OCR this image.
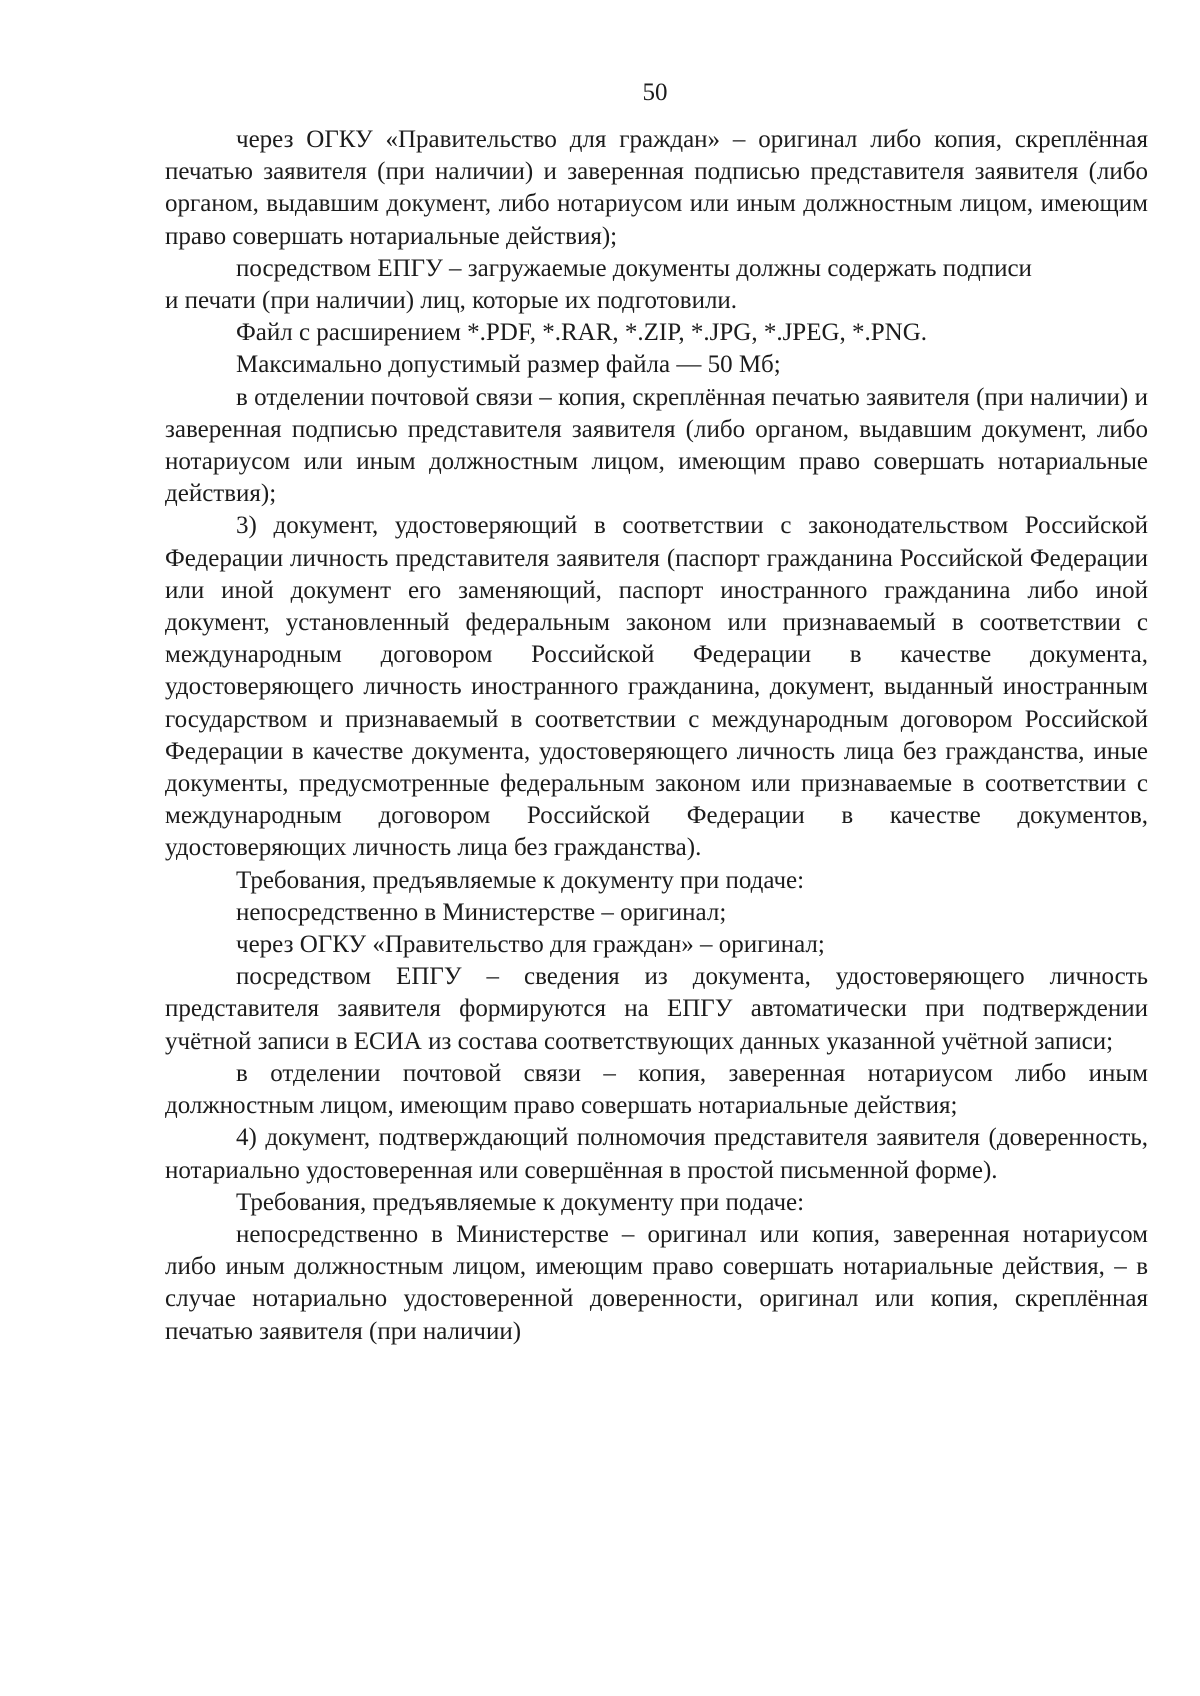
50

через ОГКУ «Правительство для граждан» – оригинал либо копия, скреплённая печатью заявителя (при наличии) и заверенная подписью представителя заявителя (либо органом, выдавшим документ, либо нотариусом или иным должностным лицом, имеющим право совершать нотариальные действия);

посредством ЕПГУ – загружаемые документы должны содержать подписи

и печати (при наличии) лиц, которые их подготовили.

Файл с расширением *.PDF, *.RAR, *.ZIP, *.JPG, *.JPEG, *.PNG.

Максимально допустимый размер файла — 50 Мб;

в отделении почтовой связи – копия, скреплённая печатью заявителя (при наличии) и заверенная подписью представителя заявителя (либо органом, выдавшим документ, либо нотариусом или иным должностным лицом, имеющим право совершать нотариальные действия);

3) документ, удостоверяющий в соответствии с законодательством Российской Федерации личность представителя заявителя (паспорт гражданина Российской Федерации или иной документ его заменяющий, паспорт иностранного гражданина либо иной документ, установленный федеральным законом или признаваемый в соответствии с международным договором Российской Федерации в качестве документа, удостоверяющего личность иностранного гражданина, документ, выданный иностранным государством и признаваемый в соответствии с международным договором Российской Федерации в качестве документа, удостоверяющего личность лица без гражданства, иные документы, предусмотренные федеральным законом или признаваемые в соответствии с международным договором Российской Федерации в качестве документов, удостоверяющих личность лица без гражданства).

Требования, предъявляемые к документу при подаче:

непосредственно в Министерстве – оригинал;

через ОГКУ «Правительство для граждан» – оригинал;

посредством ЕПГУ – сведения из документа, удостоверяющего личность представителя заявителя формируются на ЕПГУ автоматически при подтверждении учётной записи в ЕСИА из состава соответствующих данных указанной учётной записи;

в отделении почтовой связи – копия, заверенная нотариусом либо иным должностным лицом, имеющим право совершать нотариальные действия;

4) документ, подтверждающий полномочия представителя заявителя (доверенность, нотариально удостоверенная или совершённая в простой письменной форме).

Требования, предъявляемые к документу при подаче:

непосредственно в Министерстве – оригинал или копия, заверенная нотариусом либо иным должностным лицом, имеющим право совершать нотариальные действия, – в случае нотариально удостоверенной доверенности, оригинал или копия, скреплённая печатью заявителя (при наличии)
